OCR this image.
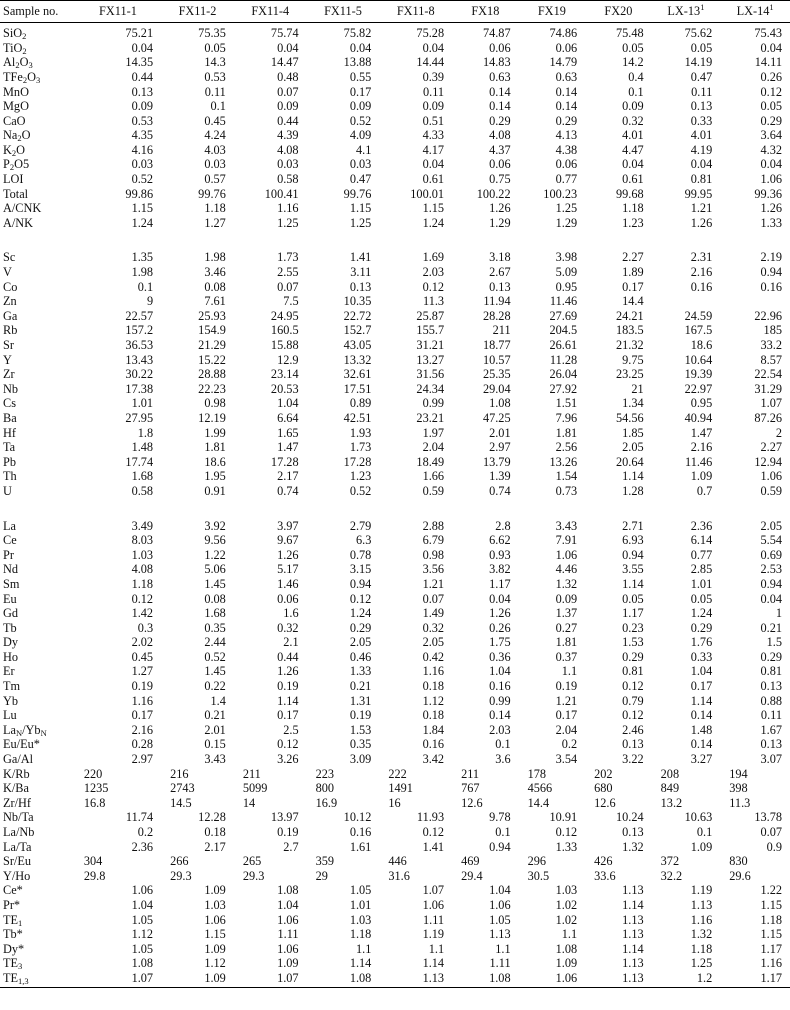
Sample no.	FX11-1	FX11-2	FX11-4	FX11-5	FX11-8	FX18	FX19	FX20	$LX-13^1$	$LX-14^1$
SiO$_2$	75.21	75.35	75.74	75.82	75.28	74.87	74.86	75.48	75.62	75.43
TiO$_2$	0.04	0.05	0.04	0.04	0.04	0.06	0.06	0.05	0.05	0.04
$Al_2O_3$	14.35	14.3	14.47	13.88	14.44	14.83	14.79	14.2	14.19	14.11
$TFe_2O_3$	0.44	0.53	0.48	0.55	0.39	0.63	0.63	0.4	0.47	0.26
MnO	0.13	0.11	0.07	0.17	0.11	0.14	0.14	0.1	0.11	0.12
MgO	0.09	0.1	0.09	0.09	0.09	0.14	0.14	0.09	0.13	0.05
CaO	0.53	0.45	0.44	0.52	0.51	0.29	0.29	0.32	0.33	0.29
$Na_2O$	4.35	4.24	4.39	4.09	4.33	4.08	4.13	4.01	4.01	3.64
$K_2O$	4.16	4.03	4.08	4.1	4.17	4.37	4.38	4.47	4.19	4.32
$P_2O5$	0.03	0.03	0.03	0.03	0.04	0.06	0.06	0.04	0.04	0.04
LOI	0.52	0.57	0.58	0.47	0.61	0.75	0.77	0.61	0.81	1.06
Total	99.86	99.76	100.41	99.76	100.01	100.22	100.23	99.68	99.95	99.36
A/CNK	1.15	1.18	1.16	1.15	1.15	1.26	1.25	1.18	1.21	1.26
A/NK	1.24	1.27	1.25	1.25	1.24	1.29	1.29	1.23	1.26	1.33
Sc	1.35	1.98	1.73	1.41	1.69	3.18	3.98	2.27	2.31	2.19
V	1.98	3.46	2.55	3.11	2.03	2.67	5.09	1.89	2.16	0.94
Co	0.1	0.08	0.07	0.13	0.12	0.13	0.95	0.17	0.16	0.16
Zn	9	7.61	7.5	10.35	11.3	11.94	11.46	14.4		
Ga	22.57	25.93	24.95	22.72	25.87	28.28	27.69	24.21	24.59	22.96
Rb	157.2	154.9	160.5	152.7	155.7	211	204.5	183.5	167.5	185
Sr	36.53	21.29	15.88	43.05	31.21	18.77	26.61	21.32	18.6	33.2
Y	13.43	15.22	12.9	13.32	13.27	10.57	11.28	9.75	10.64	8.57
Zr	30.22	28.88	23.14	32.61	31.56	25.35	26.04	23.25	19.39	22.54
Nb	17.38	22.23	20.53	17.51	24.34	29.04	27.92	21	22.97	31.29
Cs	1.01	0.98	1.04	0.89	0.99	1.08	1.51	1.34	0.95	1.07
Ba	27.95	12.19	6.64	42.51	23.21	47.25	7.96	54.56	40.94	87.26
Hf	1.8	1.99	1.65	1.93	1.97	2.01	1.81	1.85	1.47	2
Ta	1.48	1.81	1.47	1.73	2.04	2.97	2.56	2.05	2.16	2.27
Pb	17.74	18.6	17.28	17.28	18.49	13.79	13.26	20.64	11.46	12.94
Th	1.68	1.95	2.17	1.23	1.66	1.39	1.54	1.14	1.09	1.06
U	0.58	0.91	0.74	0.52	0.59	0.74	0.73	1.28	0.7	0.59
La	3.49	3.92	3.97	2.79	2.88	2.8	3.43	2.71	2.36	2.05
Ce	8.03	9.56	9.67	6.3	6.79	6.62	7.91	6.93	6.14	5.54
Pr	1.03	1.22	1.26	0.78	0.98	0.93	1.06	0.94	0.77	0.69
Nd	4.08	5.06	5.17	3.15	3.56	3.82	4.46	3.55	2.85	2.53
Sm	1.18	1.45	1.46	0.94	1.21	1.17	1.32	1.14	1.01	0.94
Eu	0.12	0.08	0.06	0.12	0.07	0.04	0.09	0.05	0.05	0.04
Gd	1.42	1.68	1.6	1.24	1.49	1.26	1.37	1.17	1.24	1
Tb	0.3	0.35	0.32	0.29	0.32	0.26	0.27	0.23	0.29	0.21
Dy	2.02	2.44	2.1	2.05	2.05	1.75	1.81	1.53	1.76	1.5
Ho	0.45	0.52	0.44	0.46	0.42	0.36	0.37	0.29	0.33	0.29
Er	1.27	1.45	1.26	1.33	1.16	1.04	1.1	0.81	1.04	0.81
Tm	0.19	0.22	0.19	0.21	0.18	0.16	0.19	0.12	0.17	0.13
Yb	1.16	1.4	1.14	1.31	1.12	0.99	1.21	0.79	1.14	0.88
Lu	0.17	0.21	0.17	0.19	0.18	0.14	0.17	0.12	0.14	0.11
$La_N/Yb_N$	2.16	2.01	2.5	1.53	1.84	2.03	2.04	2.46	1.48	1.67
Eu/Eu*	0.28	0.15	0.12	0.35	0.16	0.1	0.2	0.13	0.14	0.13
Ga/Al	2.97	3.43	3.26	3.09	3.42	3.6	3.54	3.22	3.27	3.07
K/Rb	220	216	211	223	222	211	178	202	208	194
K/Ba	1235	2743	5099	800	1491	767	4566	680	849	398
Zr/Hf	16.8	14.5	14	16.9	16	12.6	14.4	12.6	13.2	11.3
Nb/Ta	11.74	12.28	13.97	10.12	11.93	9.78	10.91	10.24	10.63	13.78
La/Nb	0.2	0.18	0.19	0.16	0.12	0.1	0.12	0.13	0.1	0.07
La/Ta	2.36	2.17	2.7	1.61	1.41	0.94	1.33	1.32	1.09	0.9
Sr/Eu	304	266	265	359	446	469	296	426	372	830
Y/Ho	29.8	29.3	29.3	29	31.6	29.4	30.5	33.6	32.2	29.6
Ce*	1.06	1.09	1.08	1.05	1.07	1.04	1.03	1.13	1.19	1.22
Pr*	1.04	1.03	1.04	1.01	1.06	1.06	1.02	1.14	1.13	1.15
$TE_1$	1.05	1.06	1.06	1.03	1.11	1.05	1.02	1.13	1.16	1.18
Tb*	1.12	1.15	1.11	1.18	1.19	1.13	1.1	1.13	1.32	1.15
Dy*	1.05	1.09	1.06	1.1	1.1	1.1	1.08	1.14	1.18	1.17
$TE_3$	1.08	1.12	1.09	1.14	1.14	1.11	1.09	1.13	1.25	1.16
$TE_{1,3}$	1.07	1.09	1.07	1.08	1.13	1.08	1.06	1.13	1.2	1.17
